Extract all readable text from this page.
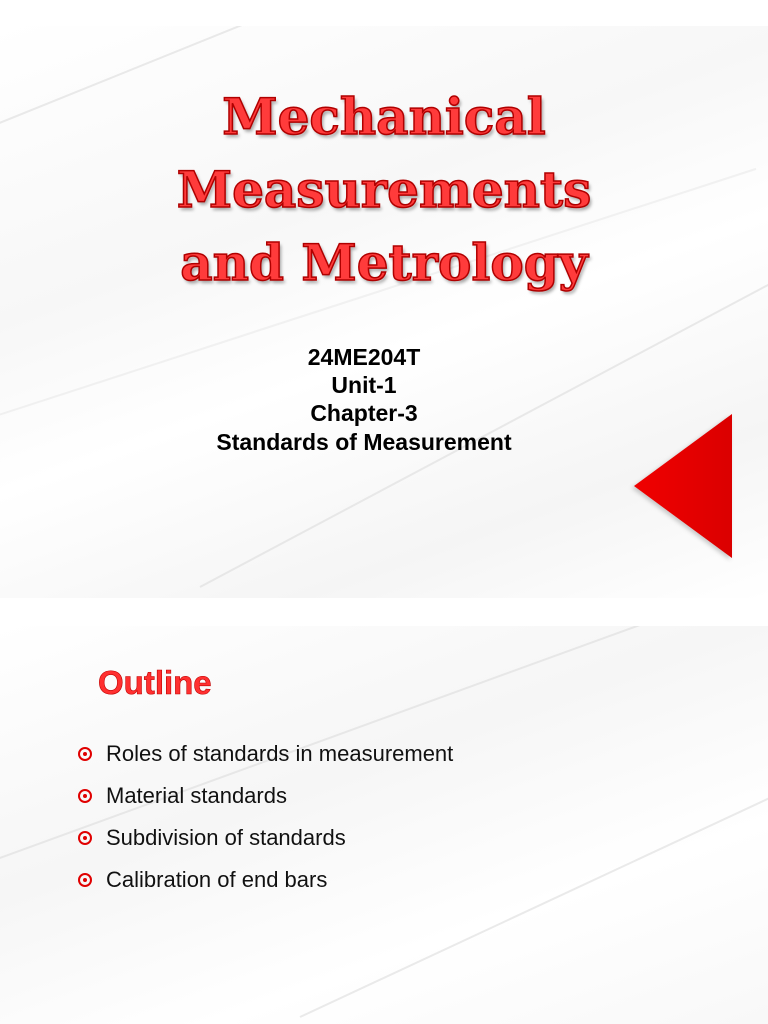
Mechanical
Measurements
and Metrology
24ME204T
Unit-1
Chapter-3
Standards of Measurement
Outline
Roles of standards in measurement
Material standards
Subdivision of standards
Calibration of end bars
